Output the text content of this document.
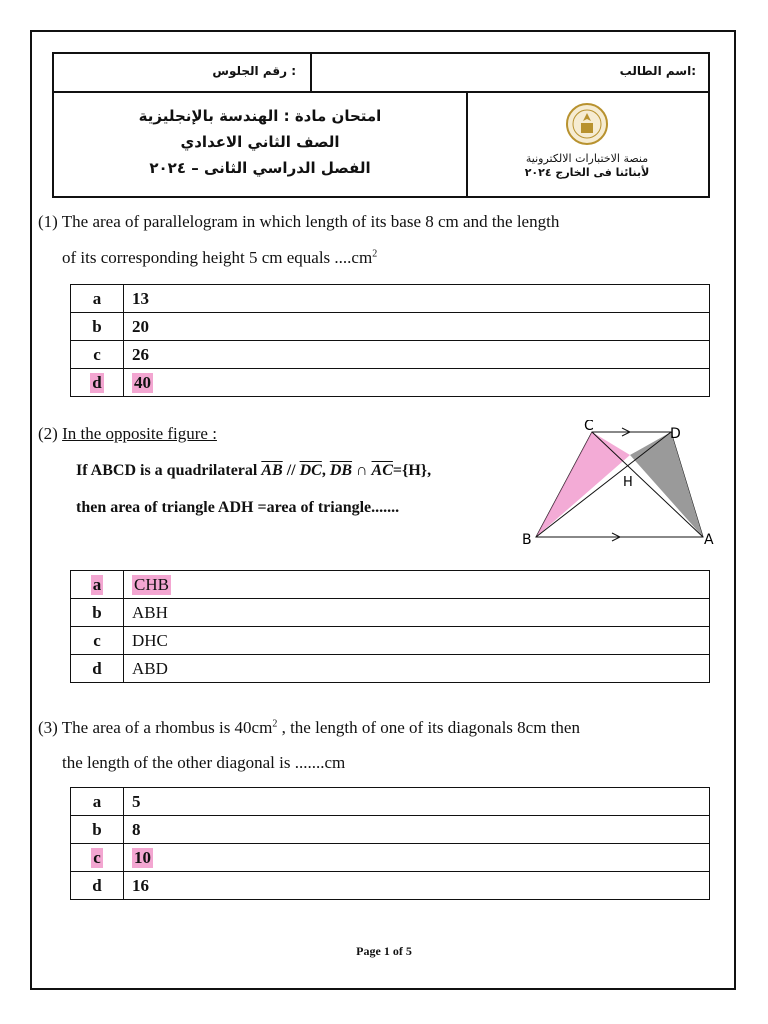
رقم الجلوس :	اسم الطالب:
امتحان مادة : الهندسة بالإنجليزية
الصف الثاني الاعدادي
الفصل الدراسي الثانى – ٢٠٢٤
منصة الاختبارات الالكترونية
لأبنائنا فى الخارج ٢٠٢٤
(1) The area of parallelogram in which length of its base 8 cm and the length
of its corresponding height 5 cm equals $....cm^2$
a	13
b	20
c	26
d	40
(2) In the opposite figure :
If ABCD is a quadrilateral $\overline{AB} // \overline{DC}$, $\overline{DB}$ ∩ $\overline{AC}=\{H\}$,
then area of triangle ADH =area of triangle.......
C	D
H
B	A
a	CHB
b	ABH
c	DHC
d	ABD
(3) The area of a rhombus is $40cm^2$ , the length of one of its diagonals 8cm then
the length of the other diagonal is .......cm
a	5
b	8
c	10
d	16
Page 1 of 5
